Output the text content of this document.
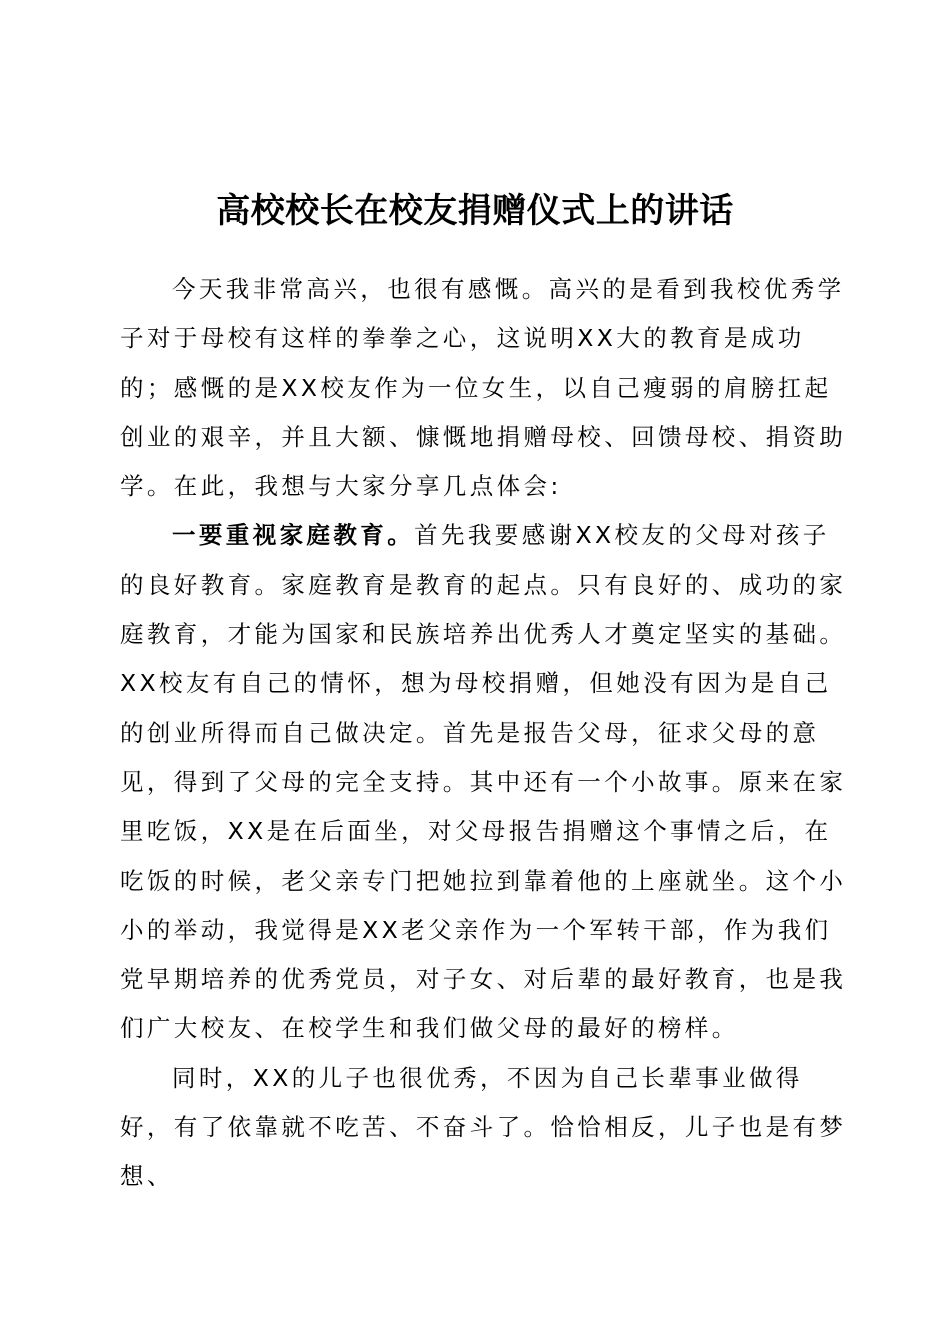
高校校长在校友捐赠仪式上的讲话

今天我非常高兴，也很有感慨。高兴的是看到我校优秀学子对于母校有这样的拳拳之心，这说明XX大的教育是成功的；感慨的是XX校友作为一位女生，以自己瘦弱的肩膀扛起创业的艰辛，并且大额、慷慨地捐赠母校、回馈母校、捐资助学。在此，我想与大家分享几点体会:

一要重视家庭教育。首先我要感谢XX校友的父母对孩子的良好教育。家庭教育是教育的起点。只有良好的、成功的家庭教育，才能为国家和民族培养出优秀人才奠定坚实的基础。XX校友有自己的情怀，想为母校捐赠，但她没有因为是自己的创业所得而自己做决定。首先是报告父母，征求父母的意见，得到了父母的完全支持。其中还有一个小故事。原来在家里吃饭，XX是在后面坐，对父母报告捐赠这个事情之后，在吃饭的时候，老父亲专门把她拉到靠着他的上座就坐。这个小小的举动，我觉得是XX老父亲作为一个军转干部，作为我们党早期培养的优秀党员，对子女、对后辈的最好教育，也是我们广大校友、在校学生和我们做父母的最好的榜样。

同时，XX的儿子也很优秀，不因为自己长辈事业做得好，有了依靠就不吃苦、不奋斗了。恰恰相反，儿子也是有梦想、
